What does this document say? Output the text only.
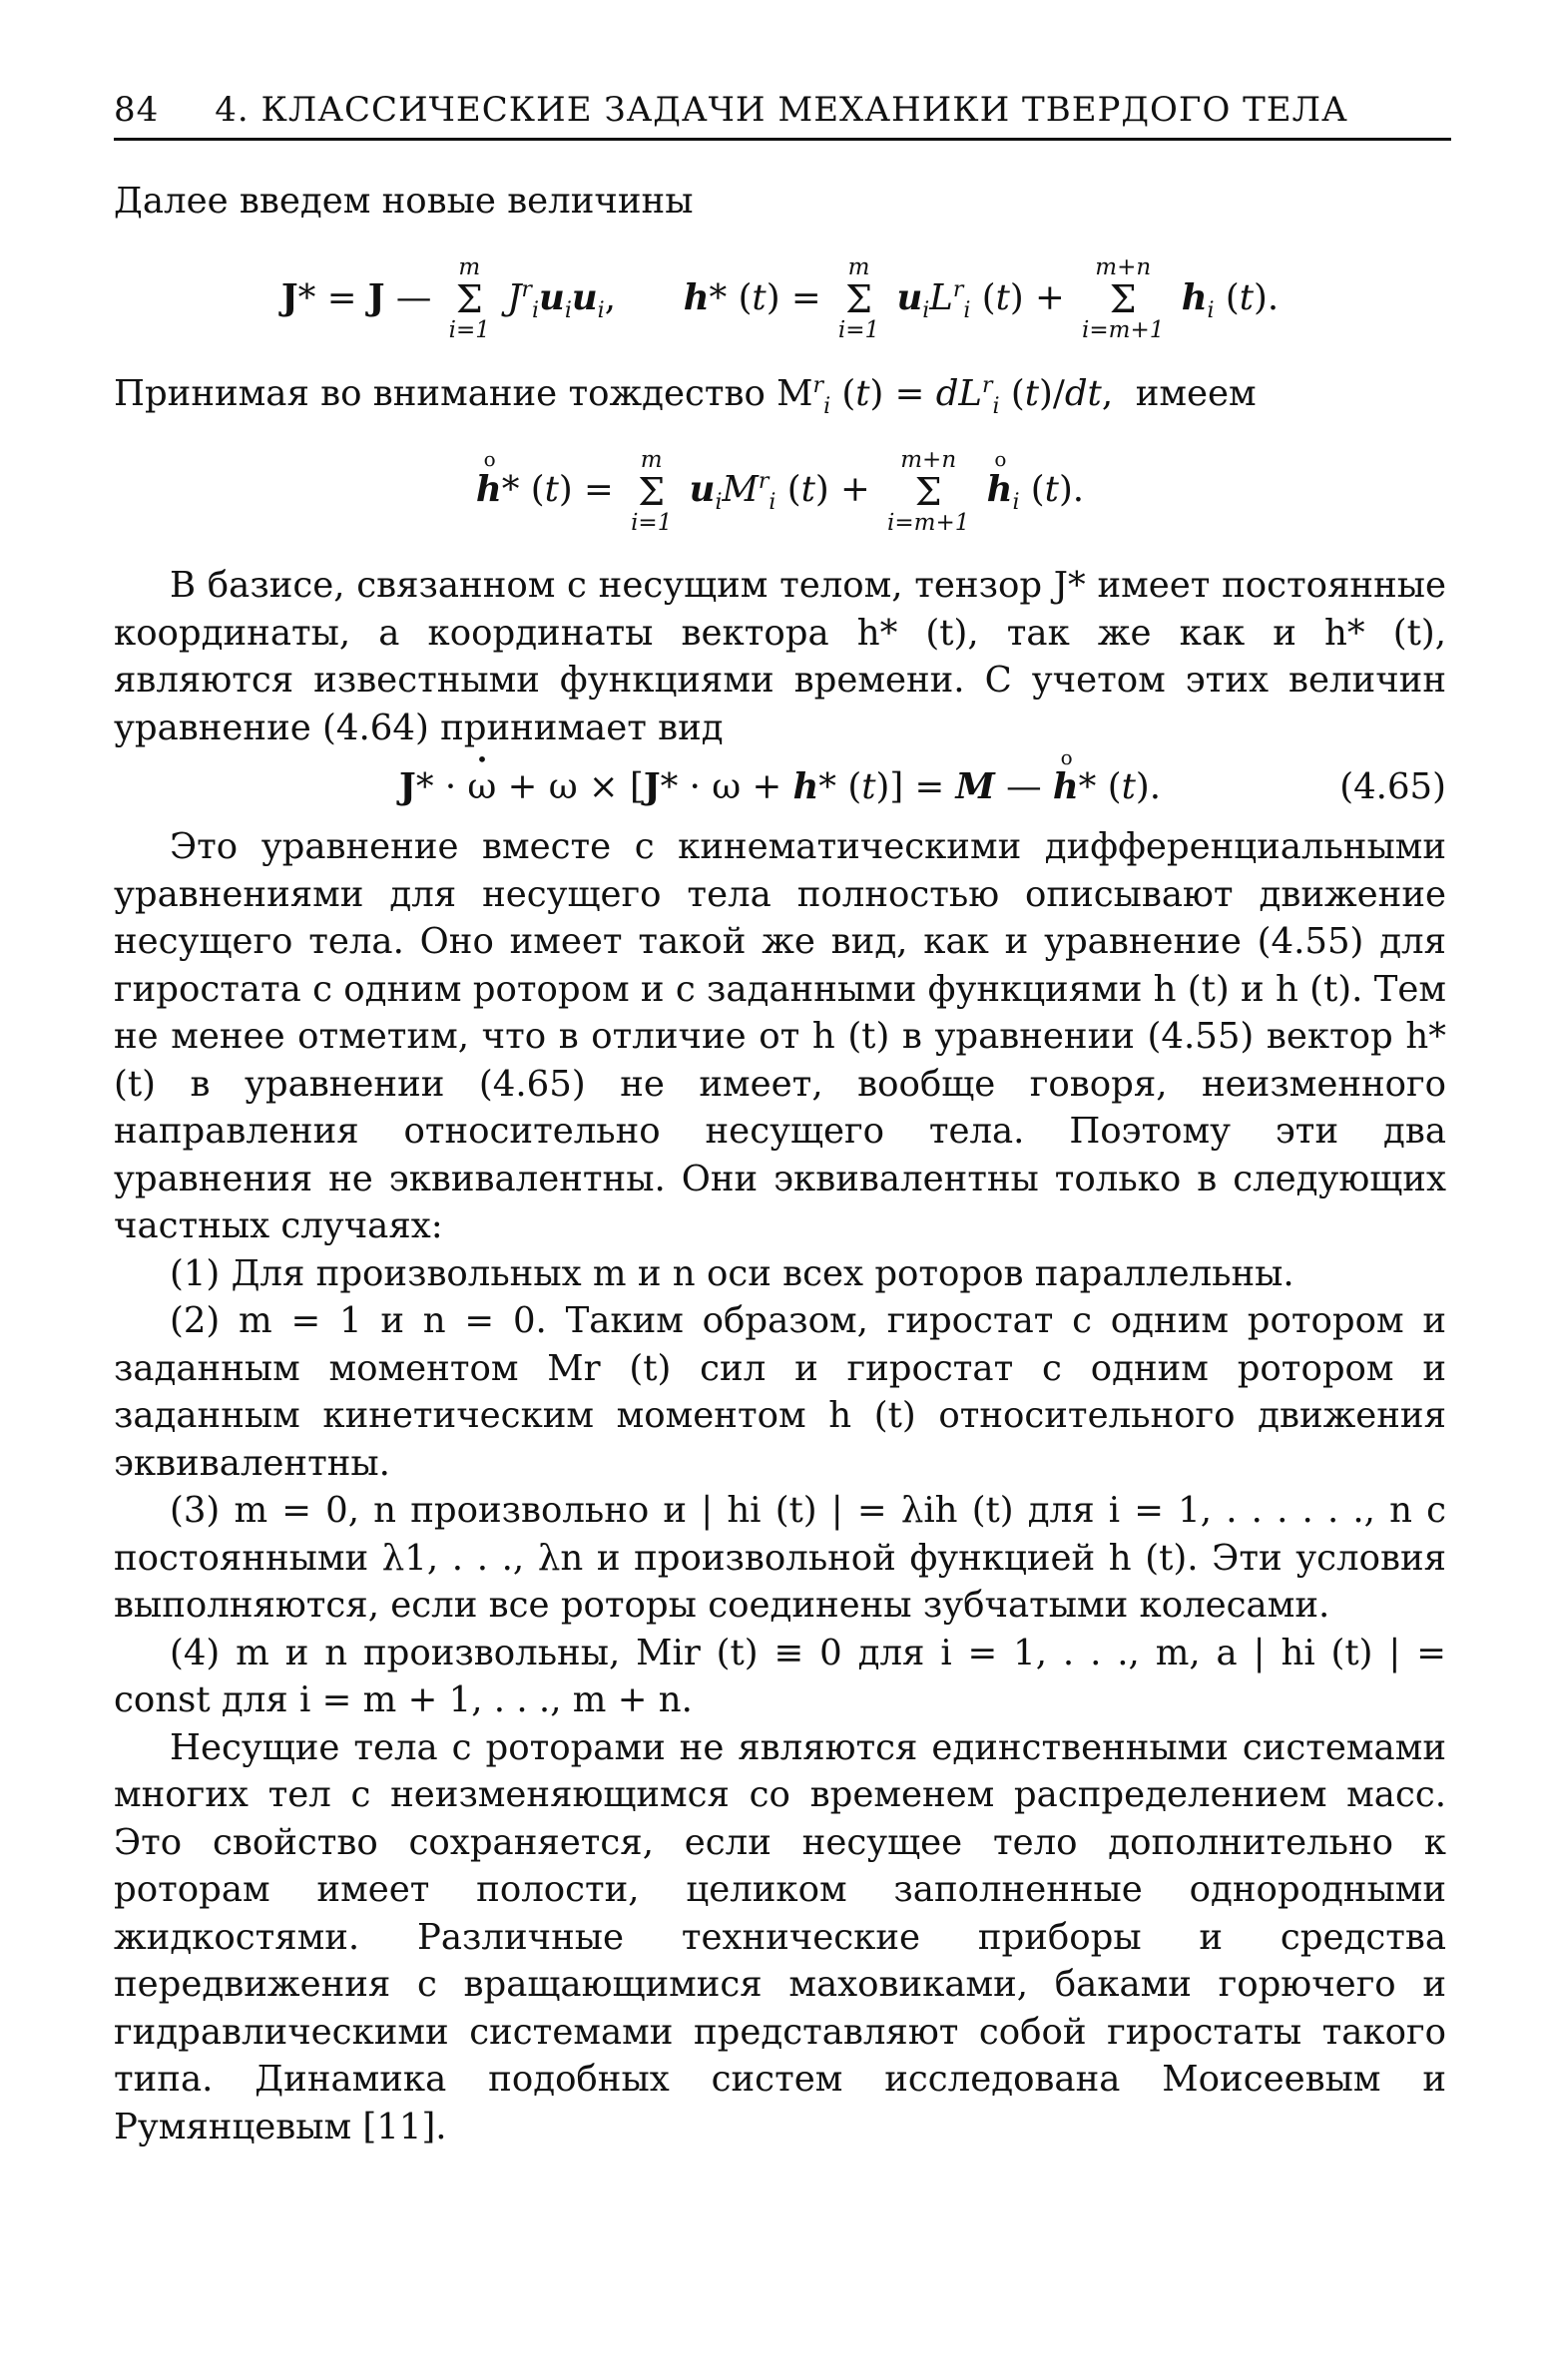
84 4. КЛАССИЧЕСКИЕ ЗАДАЧИ МЕХАНИКИ ТВЕРДОГО ТЕЛА

Далее введем новые величины

J* = J —
m
Σ
i=1
$J^r_iu_iu_i$,      h* (t) =
m
Σ
i=1
$u_iL^r_i$ (t) +
m+n
Σ
i=m+1
$h_i$ (t).

Принимая во внимание тождество $M^r_i$ $(t) = dL^r_i$ (t)/dt,  имеем

o h* (t) =
m
Σ
i=1
$u_iM^r_i$ (t) +
m+n
Σ
i=m+1
o $h_i$ (t).

В базисе, связанном с несущим телом, тензор J* имеет постоянные координаты, а координаты вектора h* (t), так же как и h* (t), являются известными функциями времени. С учетом этих величин уравнение (4.64) принимает вид

J* · • ω + ω × [J* · ω + h* (t)] = M — o h* (t).	(4.65)

Это уравнение вместе с кинематическими дифференциальными уравнениями для несущего тела полностью описывают движение несущего тела. Оно имеет такой же вид, как и уравнение (4.55) для гиростата с одним ротором и с заданными функциями h (t) и h (t). Тем не менее отметим, что в отличие от h (t) в уравнении (4.55) вектор h* (t) в уравнении (4.65) не имеет, вообще говоря, неизменного направления относительно несущего тела. Поэтому эти два уравнения не эквивалентны. Они эквивалентны только в следующих частных случаях:

(1) Для произвольных m и n оси всех роторов параллельны.

(2) m = 1 и n = 0. Таким образом, гиростат с одним ротором и заданным моментом Mr (t) сил и гиростат с одним ротором и заданным кинетическим моментом h (t) относительного движения эквивалентны.

(3) m = 0, n произвольно и | hi (t) | = λih (t) для i = 1, . . . . . ., n с постоянными λ1, . . ., λn и произвольной функцией h (t). Эти условия выполняются, если все роторы соединены зубчатыми колесами.

(4) m и n произвольны, Mir (t) ≡ 0 для i = 1, . . ., m, а | hi (t) | = const для i = m + 1, . . ., m + n.

Несущие тела с роторами не являются единственными системами многих тел с неизменяющимся со временем распределением масс. Это свойство сохраняется, если несущее тело дополнительно к роторам имеет полости, целиком заполненные однородными жидкостями. Различные технические приборы и средства передвижения с вращающимися маховиками, баками горючего и гидравлическими системами представляют собой гиростаты такого типа. Динамика подобных систем исследована Моисеевым и Румянцевым [11].
